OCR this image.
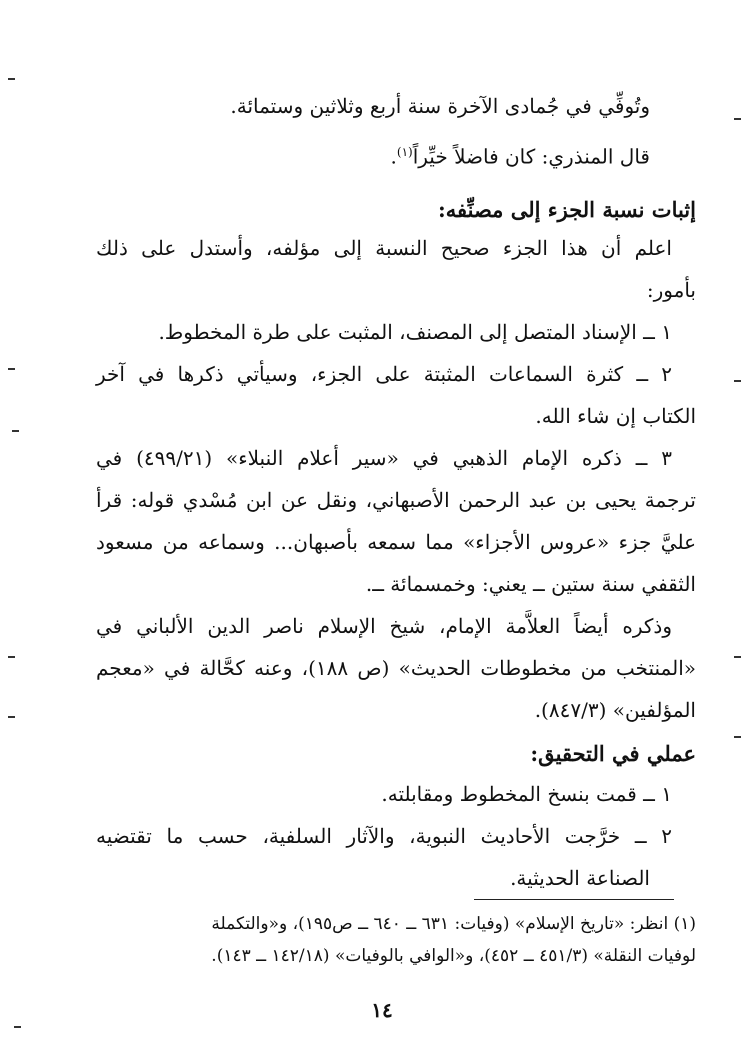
وتُوفِّي في جُمادى الآخرة سنة أربع وثلاثين وستمائة.
قال المنذري: كان فاضلاً خيِّراً$^{(١)}$.
إثبات نسبة الجزء إلى مصنِّفه:
اعلم أن هذا الجزء صحيح النسبة إلى مؤلفه، وأستدل على ذلك
بأمور:
١ ــ الإسناد المتصل إلى المصنف، المثبت على طرة المخطوط.
٢ ــ كثرة السماعات المثبتة على الجزء، وسيأتي ذكرها في آخر
الكتاب إن شاء الله.
٣ ــ ذكره الإمام الذهبي في «سير أعلام النبلاء» (٤٩٩/٢١) في
ترجمة يحيى بن عبد الرحمن الأصبهاني، ونقل عن ابن مُسْدي قوله: قرأ
عليَّ جزء «عروس الأجزاء» مما سمعه بأصبهان... وسماعه من مسعود
الثقفي سنة ستين ــ يعني: وخمسمائة ــ.
وذكره أيضاً العلاَّمة الإمام، شيخ الإسلام ناصر الدين الألباني في
«المنتخب من مخطوطات الحديث» (ص ١٨٨)، وعنه كحَّالة في «معجم
المؤلفين» (٨٤٧/٣).
عملي في التحقيق:
١ ــ قمت بنسخ المخطوط ومقابلته.
٢ ــ خرَّجت الأحاديث النبوية، والآثار السلفية، حسب ما تقتضيه
الصناعة الحديثية.
(١) انظر: «تاريخ الإسلام» (وفيات: ٦٣١ ــ ٦٤٠ ــ ص١٩٥)، و«والتكملة
لوفيات النقلة» (٤٥١/٣ ــ ٤٥٢)، و«الوافي بالوفيات» (١٤٢/١٨ ــ ١٤٣).
١٤
